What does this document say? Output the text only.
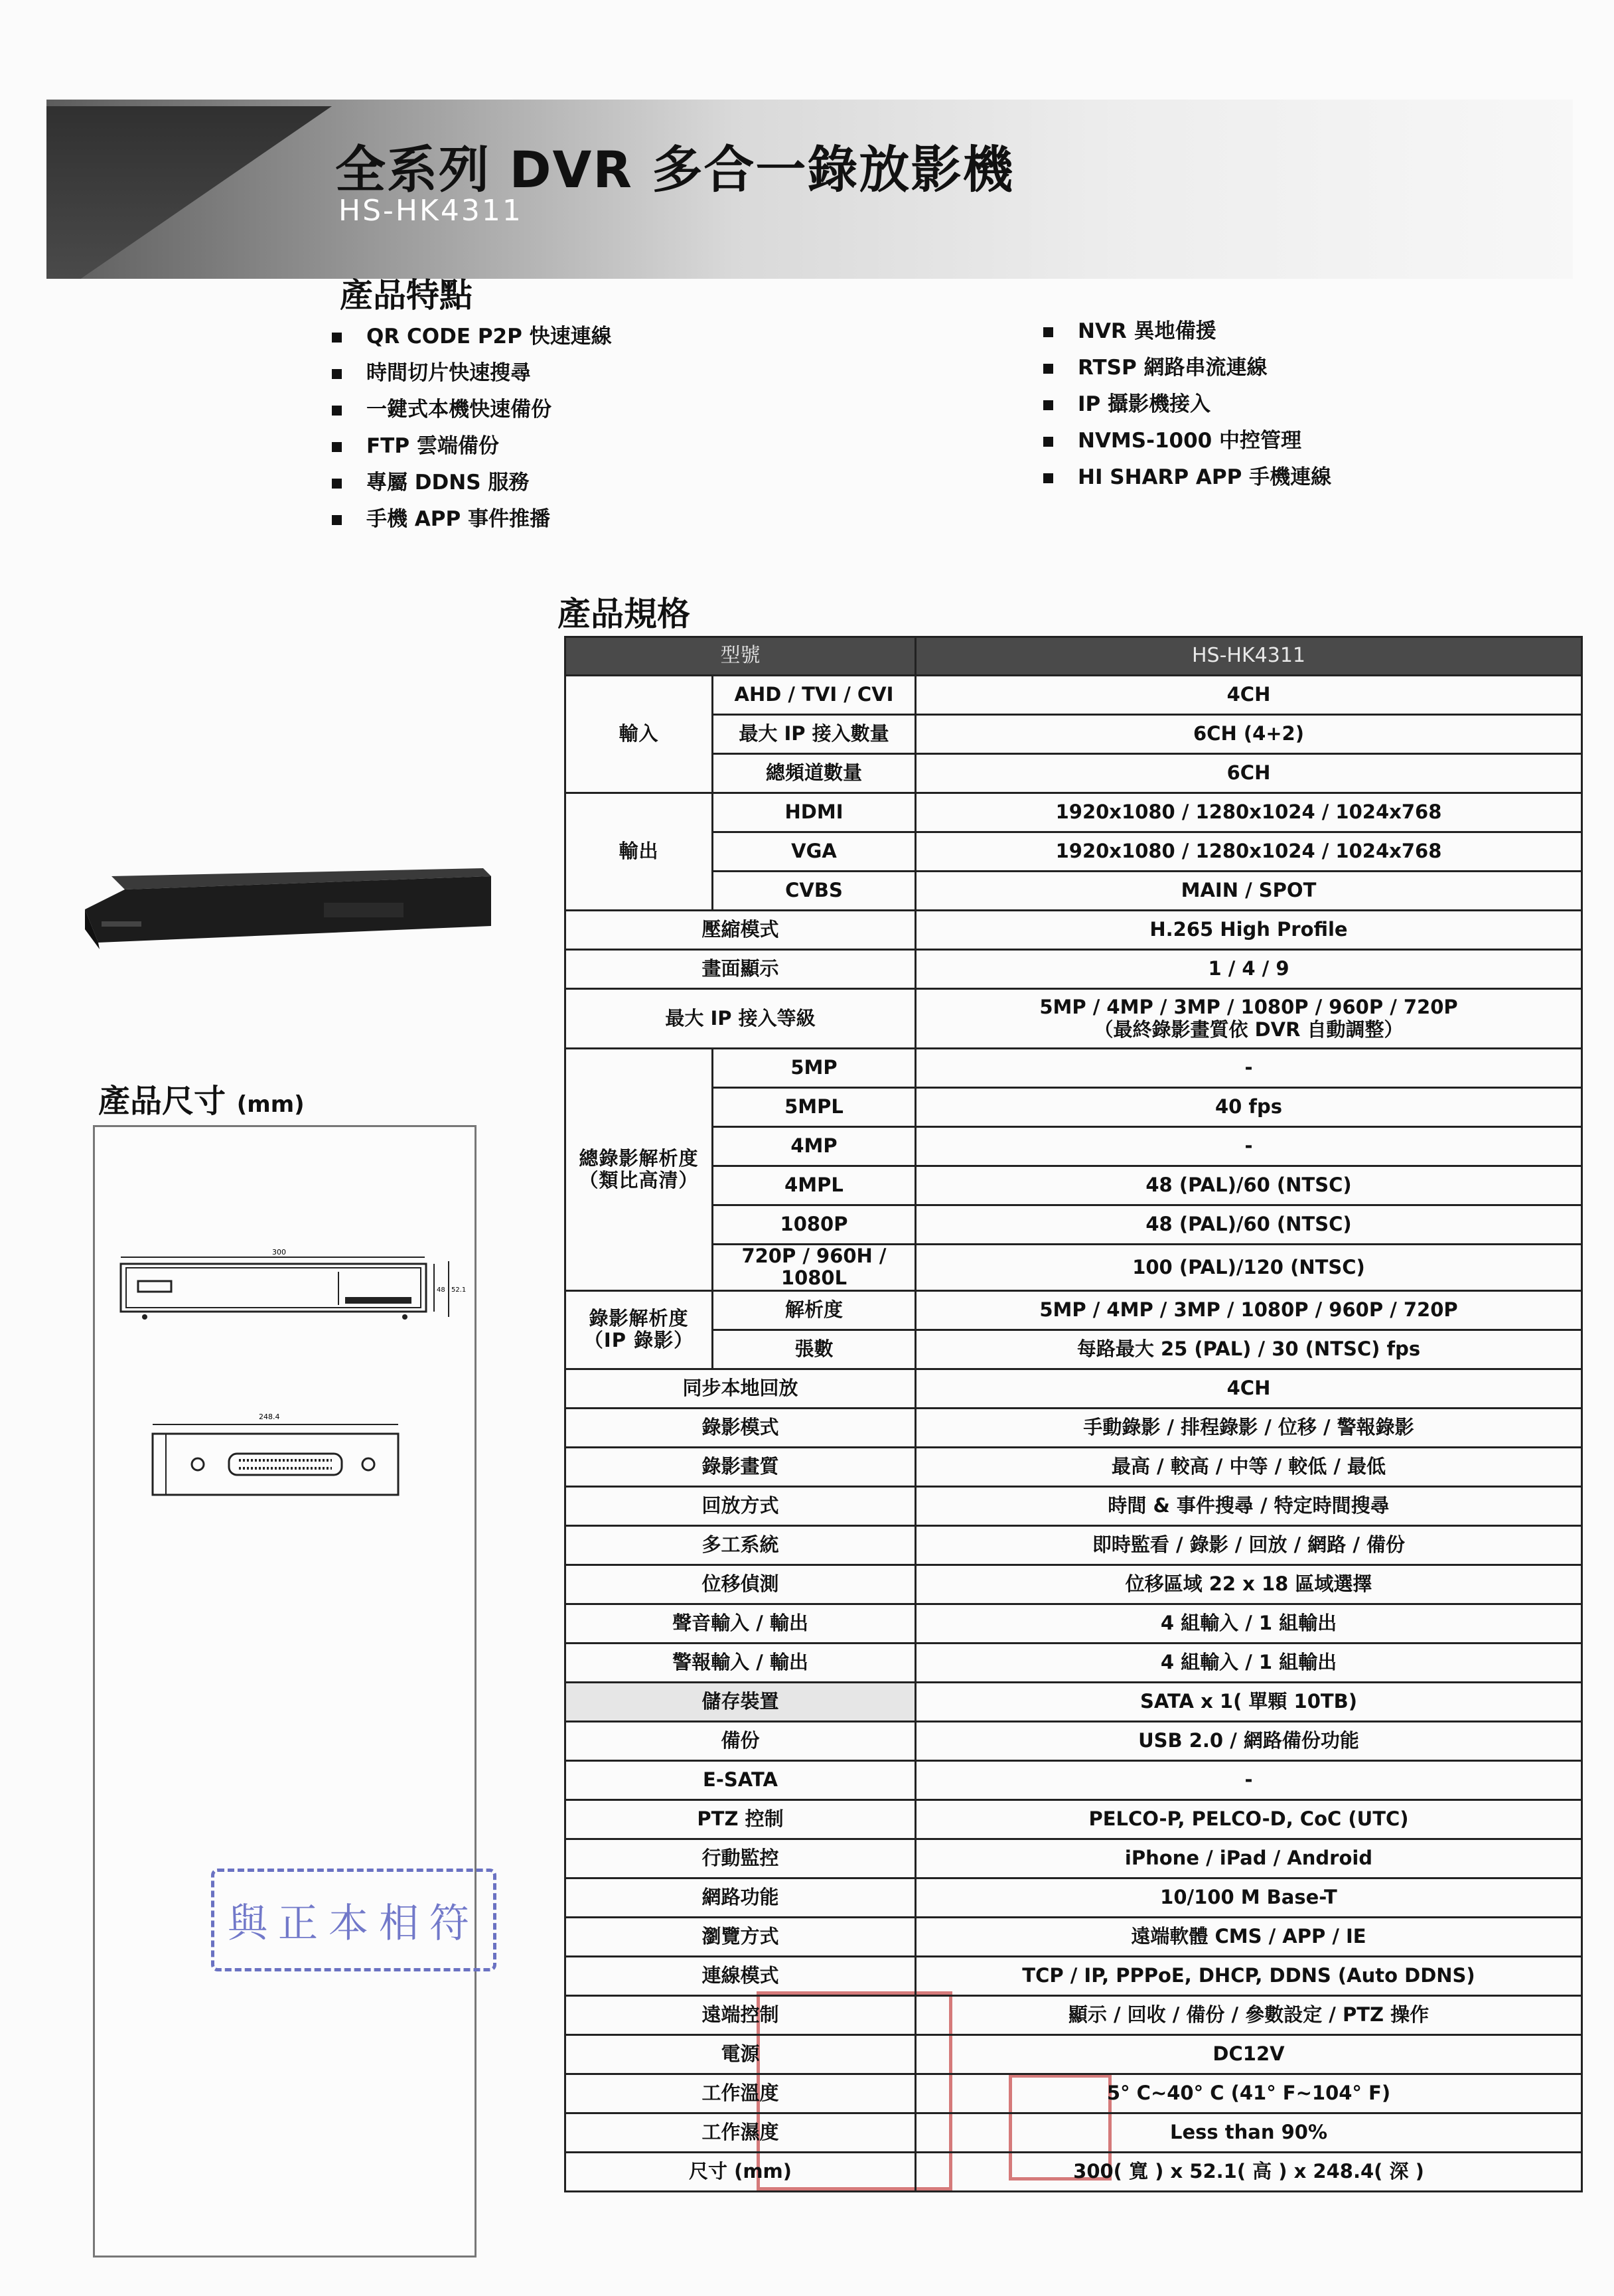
全系列 DVR 多合一錄放影機
HS-HK4311
產品特點
QR CODE P2P 快速連線
時間切片快速搜尋
一鍵式本機快速備份
FTP 雲端備份
專屬 DDNS 服務
手機 APP 事件推播
NVR 異地備援
RTSP 網路串流連線
IP 攝影機接入
NVMS-1000 中控管理
HI SHARP APP 手機連線
產品尺寸 (mm)
300
48 52.1
248.4
與正本相符
產品規格
型號		HS-HK4311
輸入	AHD / TVI / CVI	4CH
	最大 IP 接入數量	6CH (4+2)
	總頻道數量	6CH
輸出	HDMI	1920x1080 / 1280x1024 / 1024x768
	VGA	1920x1080 / 1280x1024 / 1024x768
	CVBS	MAIN / SPOT
壓縮模式		H.265 High Profile
畫面顯示		1 / 4 / 9
最大 IP 接入等級		5MP / 4MP / 3MP / 1080P / 960P / 720P
（最終錄影畫質依 DVR 自動調整）

總錄影解析度
（類比高清）	5MP	-
	5MPL	40 fps
	4MP	-
	4MPL	48 (PAL)/60 (NTSC)
	1080P	48 (PAL)/60 (NTSC)
	720P / 960H / 1080L	100 (PAL)/120 (NTSC)
錄影解析度
（IP 錄影）	解析度	5MP / 4MP / 3MP / 1080P / 960P / 720P
	張數	每路最大 25 (PAL) / 30 (NTSC) fps
同步本地回放		4CH
錄影模式		手動錄影 / 排程錄影 / 位移 / 警報錄影
錄影畫質		最高 / 較高 / 中等 / 較低 / 最低
回放方式		時間 & 事件搜尋 / 特定時間搜尋
多工系統		即時監看 / 錄影 / 回放 / 網路 / 備份
位移偵測		位移區域 22 x 18 區域選擇
聲音輸入 / 輸出		4 組輸入 / 1 組輸出
警報輸入 / 輸出		4 組輸入 / 1 組輸出
儲存裝置		SATA x 1( 單顆 10TB)
備份		USB 2.0 / 網路備份功能
E-SATA		-
PTZ 控制		PELCO-P, PELCO-D, CoC (UTC)
行動監控		iPhone / iPad / Android
網路功能		10/100 M Base-T
瀏覽方式		遠端軟體 CMS / APP / IE
連線模式		TCP / IP, PPPoE, DHCP, DDNS (Auto DDNS)
遠端控制		顯示 / 回收 / 備份 / 參數設定 / PTZ 操作
電源		DC12V
工作溫度		5° C~40° C (41° F~104° F)
工作濕度		Less than 90%
尺寸 (mm)		300( 寬 ) x 52.1( 高 ) x 248.4( 深 )
